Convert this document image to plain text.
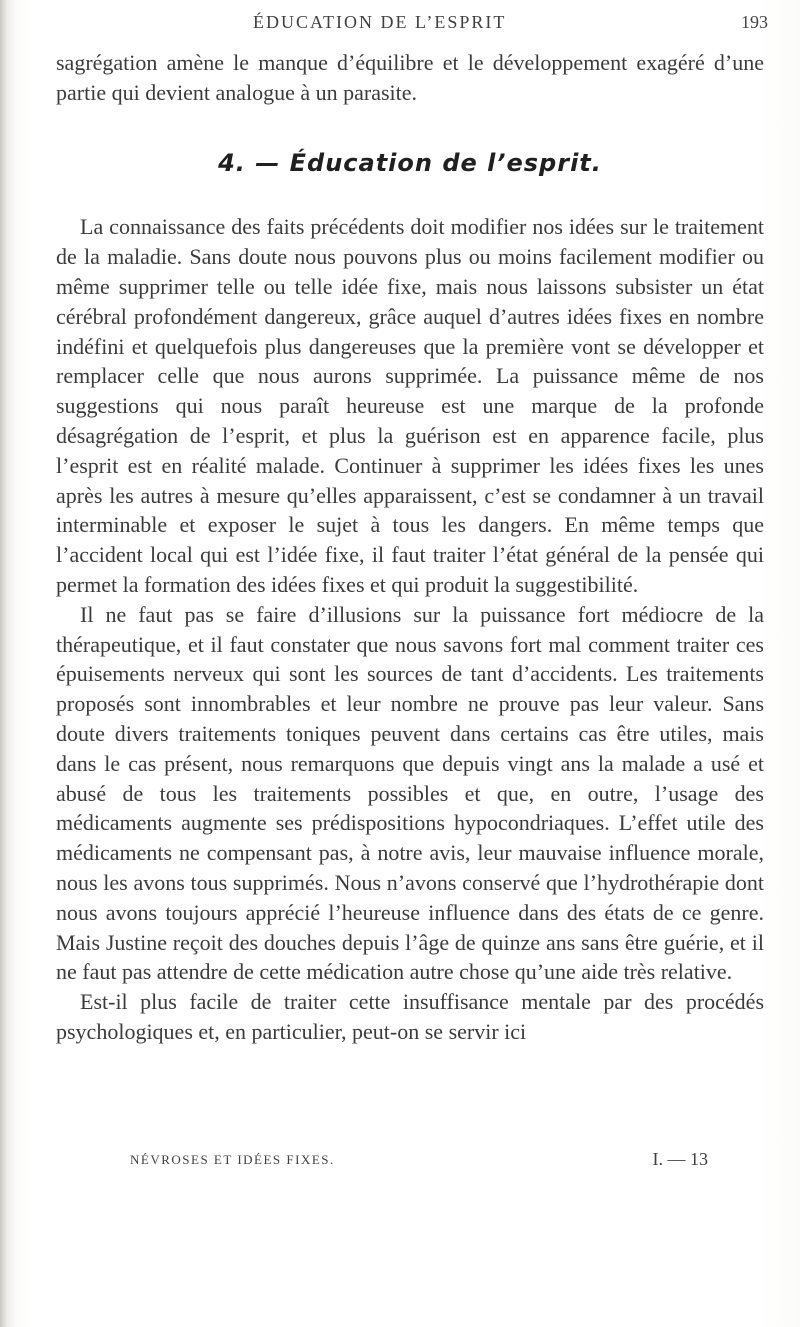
ÉDUCATION DE L’ESPRIT	193

sagrégation amène le manque d’équilibre et le développement exagéré d’une partie qui devient analogue à un parasite.

4. — Éducation de l’esprit.

La connaissance des faits précédents doit modifier nos idées sur le traitement de la maladie. Sans doute nous pouvons plus ou moins facilement modifier ou même supprimer telle ou telle idée fixe, mais nous laissons subsister un état cérébral profondément dangereux, grâce auquel d’autres idées fixes en nombre indéfini et quelquefois plus dangereuses que la première vont se développer et remplacer celle que nous aurons supprimée. La puissance même de nos suggestions qui nous paraît heureuse est une marque de la profonde désagrégation de l’esprit, et plus la guérison est en apparence facile, plus l’esprit est en réalité malade. Continuer à supprimer les idées fixes les unes après les autres à mesure qu’elles apparaissent, c’est se condamner à un travail interminable et exposer le sujet à tous les dangers. En même temps que l’accident local qui est l’idée fixe, il faut traiter l’état général de la pensée qui permet la formation des idées fixes et qui produit la suggestibilité.

Il ne faut pas se faire d’illusions sur la puissance fort médiocre de la thérapeutique, et il faut constater que nous savons fort mal comment traiter ces épuisements nerveux qui sont les sources de tant d’accidents. Les traitements proposés sont innombrables et leur nombre ne prouve pas leur valeur. Sans doute divers traitements toniques peuvent dans certains cas être utiles, mais dans le cas présent, nous remarquons que depuis vingt ans la malade a usé et abusé de tous les traitements possibles et que, en outre, l’usage des médicaments augmente ses prédispositions hypocondriaques. L’effet utile des médicaments ne compensant pas, à notre avis, leur mauvaise influence morale, nous les avons tous supprimés. Nous n’avons conservé que l’hydrothérapie dont nous avons toujours apprécié l’heureuse influence dans des états de ce genre. Mais Justine reçoit des douches depuis l’âge de quinze ans sans être guérie, et il ne faut pas attendre de cette médication autre chose qu’une aide très relative.

Est-il plus facile de traiter cette insuffisance mentale par des procédés psychologiques et, en particulier, peut-on se servir ici

NÉVROSES ET IDÉES FIXES.	I. — 13
